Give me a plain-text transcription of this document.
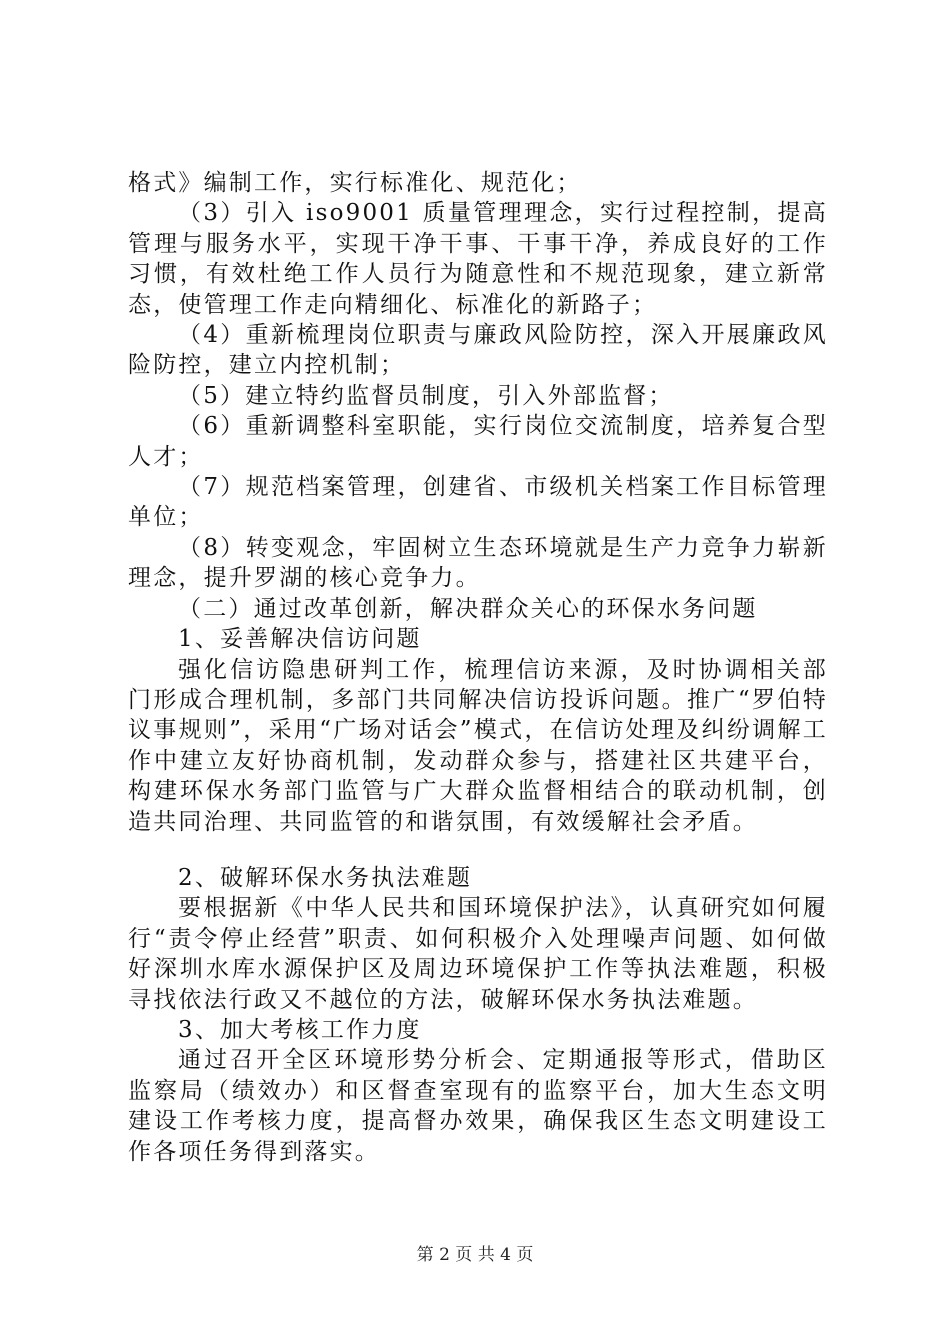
格式》编制工作，实行标准化、规范化；

（3）引入 iso9001 质量管理理念，实行过程控制，提高管理与服务水平，实现干净干事、干事干净，养成良好的工作习惯，有效杜绝工作人员行为随意性和不规范现象，建立新常态，使管理工作走向精细化、标准化的新路子；

（4）重新梳理岗位职责与廉政风险防控，深入开展廉政风险防控，建立内控机制；

（5）建立特约监督员制度，引入外部监督；

（6）重新调整科室职能，实行岗位交流制度，培养复合型人才；

（7）规范档案管理，创建省、市级机关档案工作目标管理单位；

（8）转变观念，牢固树立生态环境就是生产力竞争力崭新理念，提升罗湖的核心竞争力。

（二）通过改革创新，解决群众关心的环保水务问题

1、妥善解决信访问题

强化信访隐患研判工作，梳理信访来源，及时协调相关部门形成合理机制，多部门共同解决信访投诉问题。推广“罗伯特议事规则”，采用“广场对话会”模式，在信访处理及纠纷调解工作中建立友好协商机制，发动群众参与，搭建社区共建平台，构建环保水务部门监管与广大群众监督相结合的联动机制，创造共同治理、共同监管的和谐氛围，有效缓解社会矛盾。

2、破解环保水务执法难题

要根据新《中华人民共和国环境保护法》，认真研究如何履行“责令停止经营”职责、如何积极介入处理噪声问题、如何做好深圳水库水源保护区及周边环境保护工作等执法难题，积极寻找依法行政又不越位的方法，破解环保水务执法难题。

3、加大考核工作力度

通过召开全区环境形势分析会、定期通报等形式，借助区监察局（绩效办）和区督查室现有的监察平台，加大生态文明建设工作考核力度，提高督办效果，确保我区生态文明建设工作各项任务得到落实。

第 2 页 共 4 页
